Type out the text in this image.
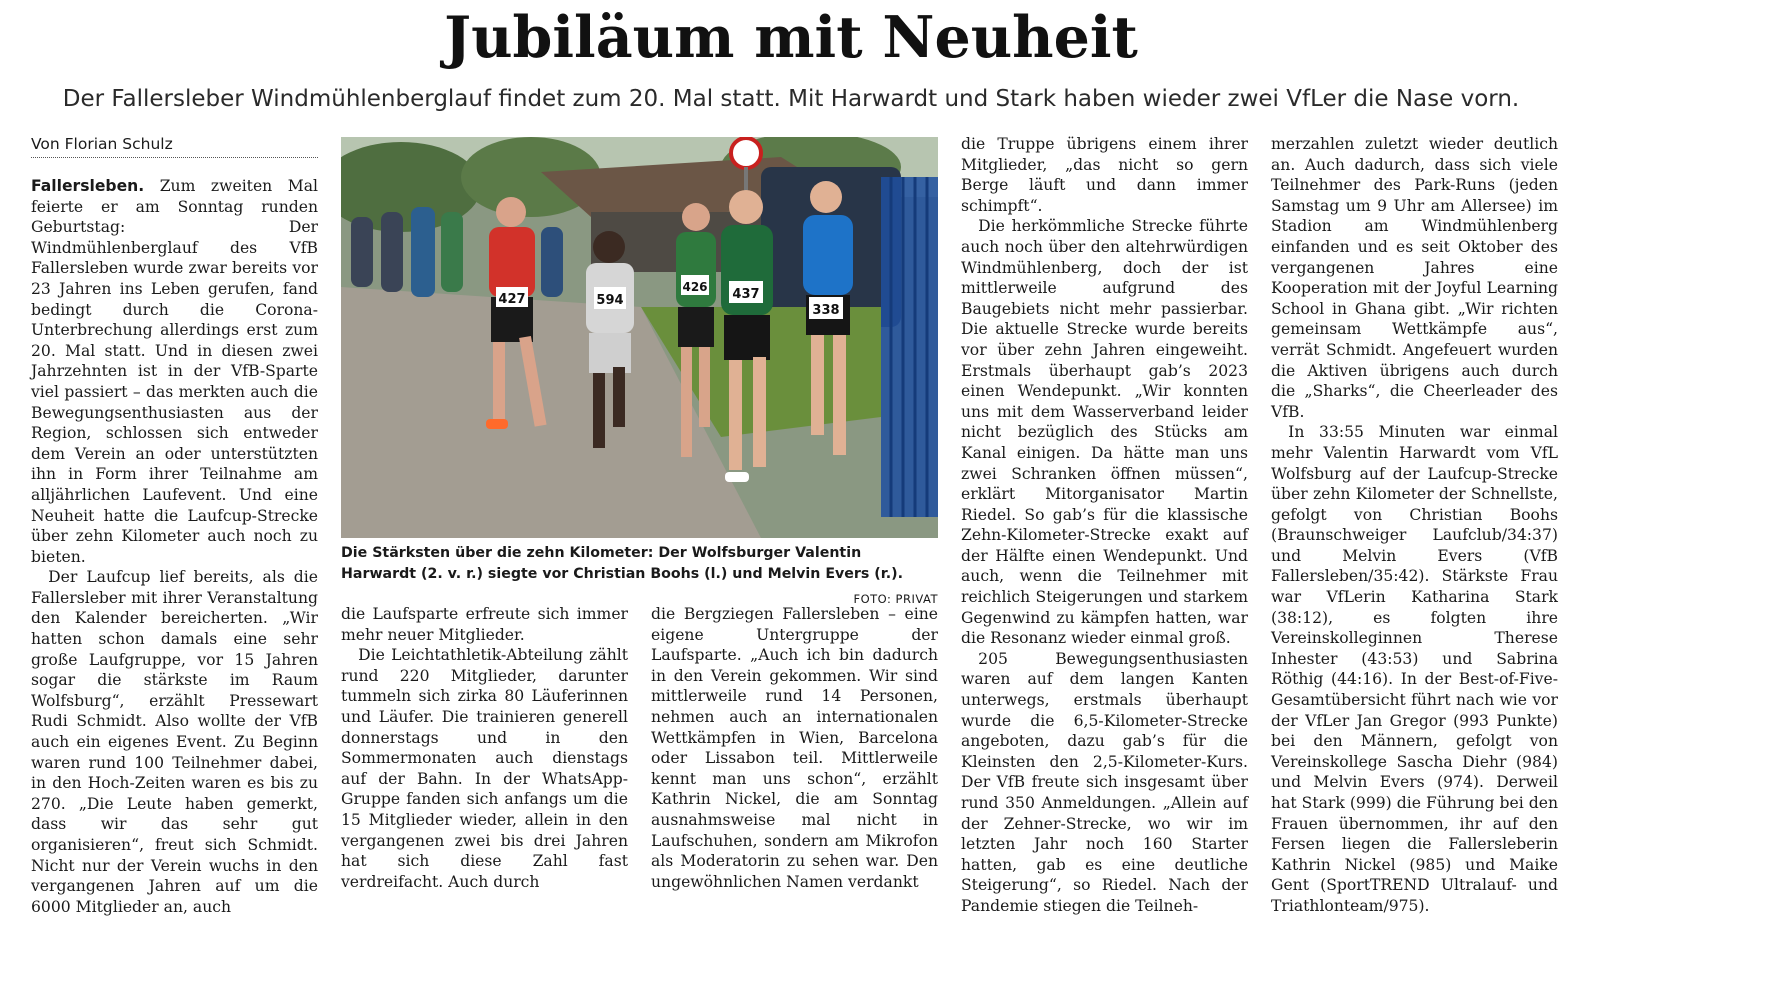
Jubiläum mit Neuheit
Der Fallersleber Windmühlenberglauf findet zum 20. Mal statt. Mit Harwardt und Stark haben wieder zwei VfLer die Nase vorn.
Von Florian Schulz

Fallersleben. Zum zweiten Mal feierte er am Sonntag runden Geburtstag: Der Windmühlenberglauf des VfB Fallersleben wurde zwar bereits vor 23 Jahren ins Leben gerufen, fand bedingt durch die Corona-Unterbrechung allerdings erst zum 20. Mal statt. Und in diesen zwei Jahrzehnten ist in der VfB-Sparte viel passiert – das merkten auch die Bewegungsenthusiasten aus der Region, schlossen sich entweder dem Verein an oder unterstützten ihn in Form ihrer Teilnahme am alljährlichen Laufevent. Und eine Neuheit hatte die Laufcup-Strecke über zehn Kilometer auch noch zu bieten.

Der Laufcup lief bereits, als die Fallersleber mit ihrer Veranstaltung den Kalender bereicherten. „Wir hatten schon damals eine sehr große Laufgruppe, vor 15 Jahren sogar die stärkste im Raum Wolfsburg“, erzählt Pressewart Rudi Schmidt. Also wollte der VfB auch ein eigenes Event. Zu Beginn waren rund 100 Teilnehmer dabei, in den Hoch-Zeiten waren es bis zu 270. „Die Leute haben gemerkt, dass wir das sehr gut organisieren“, freut sich Schmidt. Nicht nur der Verein wuchs in den vergangenen Jahren auf um die 6000 Mitglieder an, auch

427	594
426 437
338
Die Stärksten über die zehn Kilometer: Der Wolfsburger Valentin Harwardt (2. v. r.) siegte vor Christian Boohs (l.) und Melvin Evers (r.).
FOTO: PRIVAT

die Laufsparte erfreute sich immer mehr neuer Mitglieder.

Die Leichtathletik-Abteilung zählt rund 220 Mitglieder, darunter tummeln sich zirka 80 Läuferinnen und Läufer. Die trainieren generell donnerstags und in den Sommermonaten auch dienstags auf der Bahn. In der WhatsApp-Gruppe fanden sich anfangs um die 15 Mitglieder wieder, allein in den vergangenen zwei bis drei Jahren hat sich diese Zahl fast verdreifacht. Auch durch

die Bergziegen Fallersleben – eine eigene Untergruppe der Laufsparte. „Auch ich bin dadurch in den Verein gekommen. Wir sind mittlerweile rund 14 Personen, nehmen auch an internationalen Wettkämpfen in Wien, Barcelona oder Lissabon teil. Mittlerweile kennt man uns schon“, erzählt Kathrin Nickel, die am Sonntag ausnahmsweise mal nicht in Laufschuhen, sondern am Mikrofon als Moderatorin zu sehen war. Den ungewöhnlichen Namen verdankt

die Truppe übrigens einem ihrer Mitglieder, „das nicht so gern Berge läuft und dann immer schimpft“.

Die herkömmliche Strecke führte auch noch über den altehrwürdigen Windmühlenberg, doch der ist mittlerweile aufgrund des Baugebiets nicht mehr passierbar. Die aktuelle Strecke wurde bereits vor über zehn Jahren eingeweiht. Erstmals überhaupt gab’s 2023 einen Wendepunkt. „Wir konnten uns mit dem Wasserverband leider nicht bezüglich des Stücks am Kanal einigen. Da hätte man uns zwei Schranken öffnen müssen“, erklärt Mitorganisator Martin Riedel. So gab’s für die klassische Zehn-Kilometer-Strecke exakt auf der Hälfte einen Wendepunkt. Und auch, wenn die Teilnehmer mit reichlich Steigerungen und starkem Gegenwind zu kämpfen hatten, war die Resonanz wieder einmal groß.

205 Bewegungsenthusiasten waren auf dem langen Kanten unterwegs, erstmals überhaupt wurde die 6,5-Kilometer-Strecke angeboten, dazu gab’s für die Kleinsten den 2,5-Kilometer-Kurs. Der VfB freute sich insgesamt über rund 350 Anmeldungen. „Allein auf der Zehner-Strecke, wo wir im letzten Jahr noch 160 Starter hatten, gab es eine deutliche Steigerung“, so Riedel. Nach der Pandemie stiegen die Teilneh-

merzahlen zuletzt wieder deutlich an. Auch dadurch, dass sich viele Teilnehmer des Park-Runs (jeden Samstag um 9 Uhr am Allersee) im Stadion am Windmühlenberg einfanden und es seit Oktober des vergangenen Jahres eine Kooperation mit der Joyful Learning School in Ghana gibt. „Wir richten gemeinsam Wettkämpfe aus“, verrät Schmidt. Angefeuert wurden die Aktiven übrigens auch durch die „Sharks“, die Cheerleader des VfB.

In 33:55 Minuten war einmal mehr Valentin Harwardt vom VfL Wolfsburg auf der Laufcup-Strecke über zehn Kilometer der Schnellste, gefolgt von Christian Boohs (Braunschweiger Laufclub/34:37) und Melvin Evers (VfB Fallersleben/35:42). Stärkste Frau war VfLerin Katharina Stark (38:12), es folgten ihre Vereinskolleginnen Therese Inhester (43:53) und Sabrina Röthig (44:16). In der Best-of-Five-Gesamtübersicht führt nach wie vor der VfLer Jan Gregor (993 Punkte) bei den Männern, gefolgt von Vereinskollege Sascha Diehr (984) und Melvin Evers (974). Derweil hat Stark (999) die Führung bei den Frauen übernommen, ihr auf den Fersen liegen die Fallersleberin Kathrin Nickel (985) und Maike Gent (SportTREND Ultralauf- und Triathlonteam/975).
